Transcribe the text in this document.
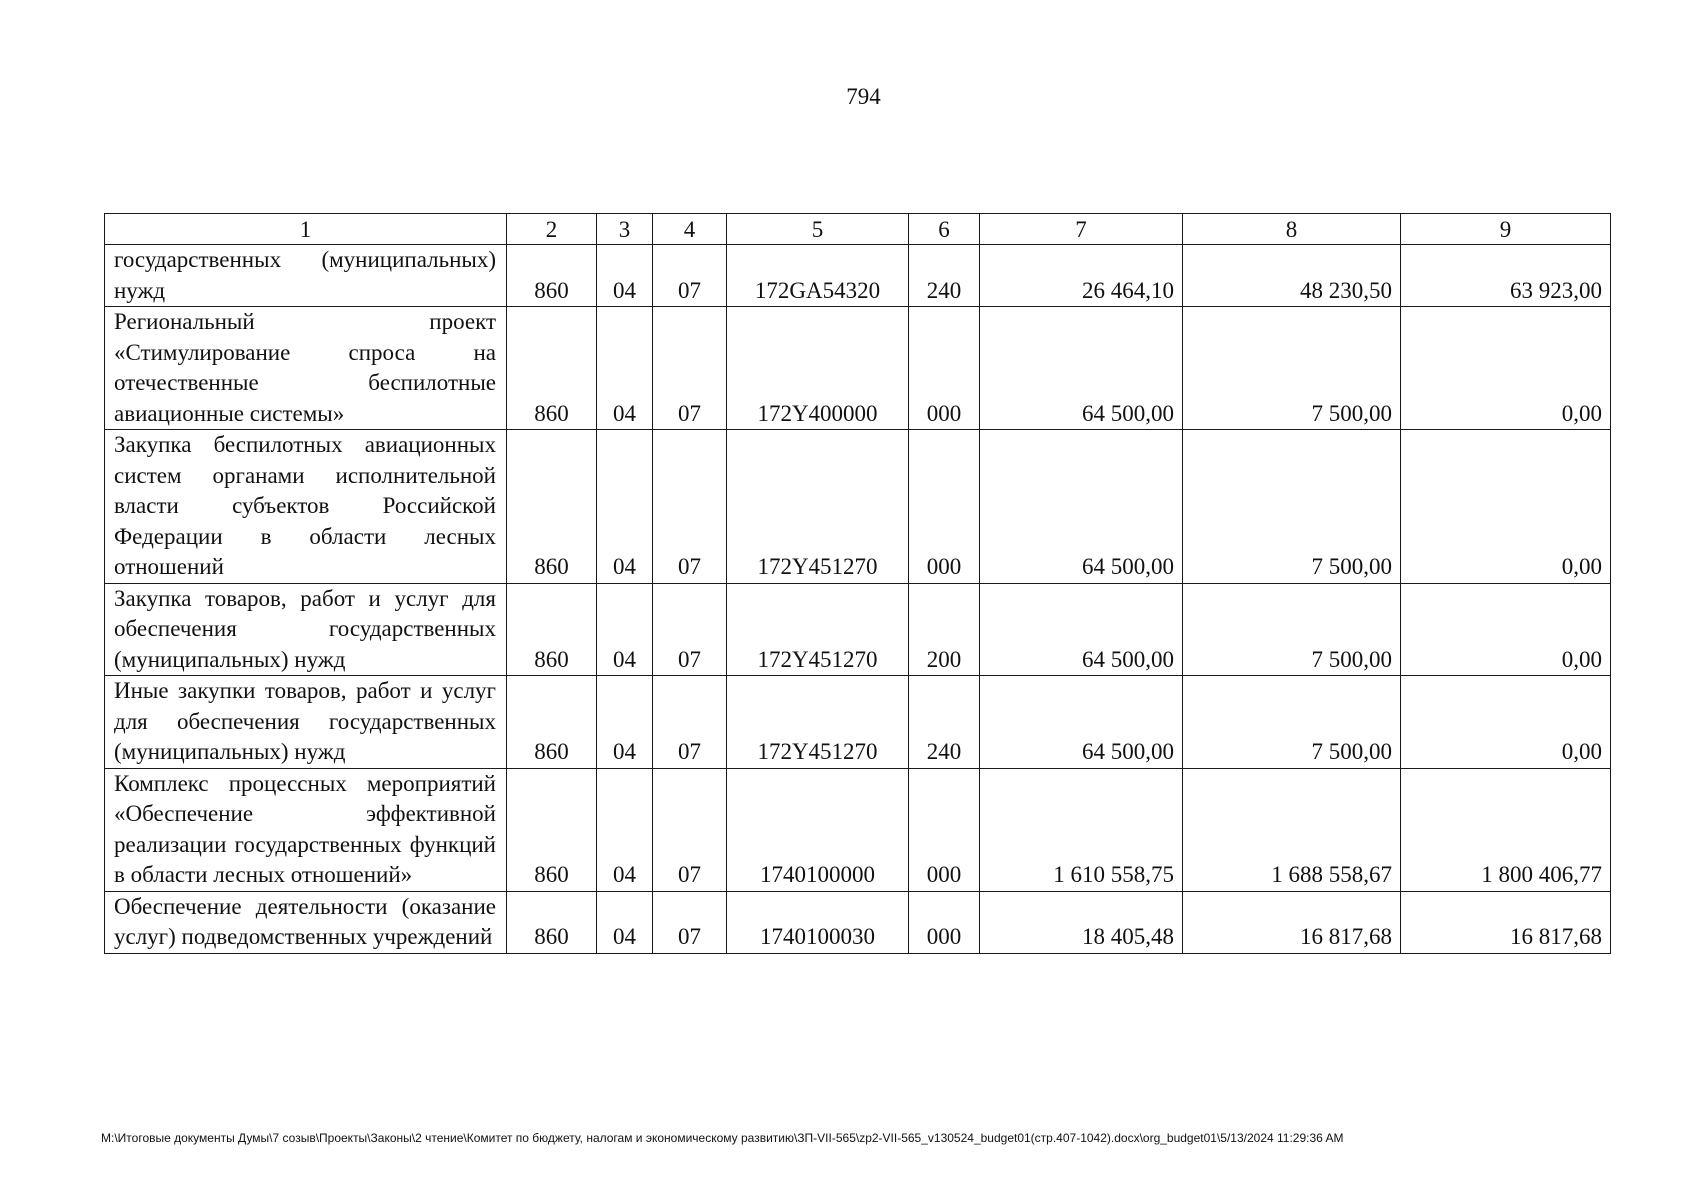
794
1	2	3	4	5	6	7	8	9
государственных (муниципальных) нужд	860	04	07	172GA54320	240	26 464,10	48 230,50	63 923,00
Региональный проект «Стимулирование спроса на отечественные беспилотные авиационные системы»	860	04	07	172Y400000	000	64 500,00	7 500,00	0,00
Закупка беспилотных авиационных систем органами исполнительной власти субъектов Российской Федерации в области лесных отношений	860	04	07	172Y451270	000	64 500,00	7 500,00	0,00
Закупка товаров, работ и услуг для обеспечения государственных (муниципальных) нужд	860	04	07	172Y451270	200	64 500,00	7 500,00	0,00
Иные закупки товаров, работ и услуг для обеспечения государственных (муниципальных) нужд	860	04	07	172Y451270	240	64 500,00	7 500,00	0,00
Комплекс процессных мероприятий «Обеспечение эффективной реализации государственных функций в области лесных отношений»	860	04	07	1740100000	000	1 610 558,75	1 688 558,67	1 800 406,77
Обеспечение деятельности (оказание услуг) подведомственных учреждений	860	04	07	1740100030	000	18 405,48	16 817,68	16 817,68
M:\Итоговые документы Думы\7 созыв\Проекты\Законы\2 чтение\Комитет по бюджету, налогам и экономическому развитию\ЗП-VII-565\zp2-VII-565_v130524_budget01(стр.407-1042).docx\org_budget01\5/13/2024 11:29:36 AM
